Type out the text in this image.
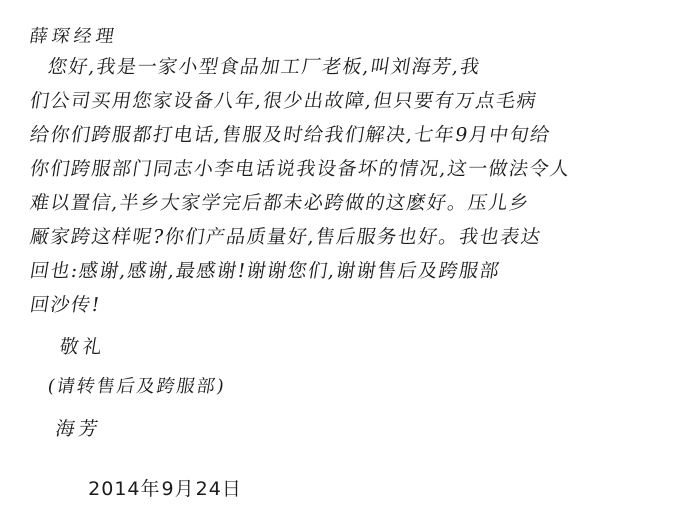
薛琛经理
您好,我是一家小型食品加工厂老板,叫刘海芳,我
们公司买用您家设备八年,很少出故障,但只要有万点毛病
给你们跨服都打电话,售服及时给我们解决,七年9月中旬给
你们跨服部门同志小李电话说我设备坏的情况,这一做法令人
难以置信,半乡大家学完后都未必跨做的这麽好。压儿乡
厰家跨这样呢?你们产品质量好,售后服务也好。我也表达
回也:感谢,感谢,最感谢!谢谢您们,谢谢售后及跨服部
回沙传!
敬礼
(请转售后及跨服部)
海芳

2014年9月24日
